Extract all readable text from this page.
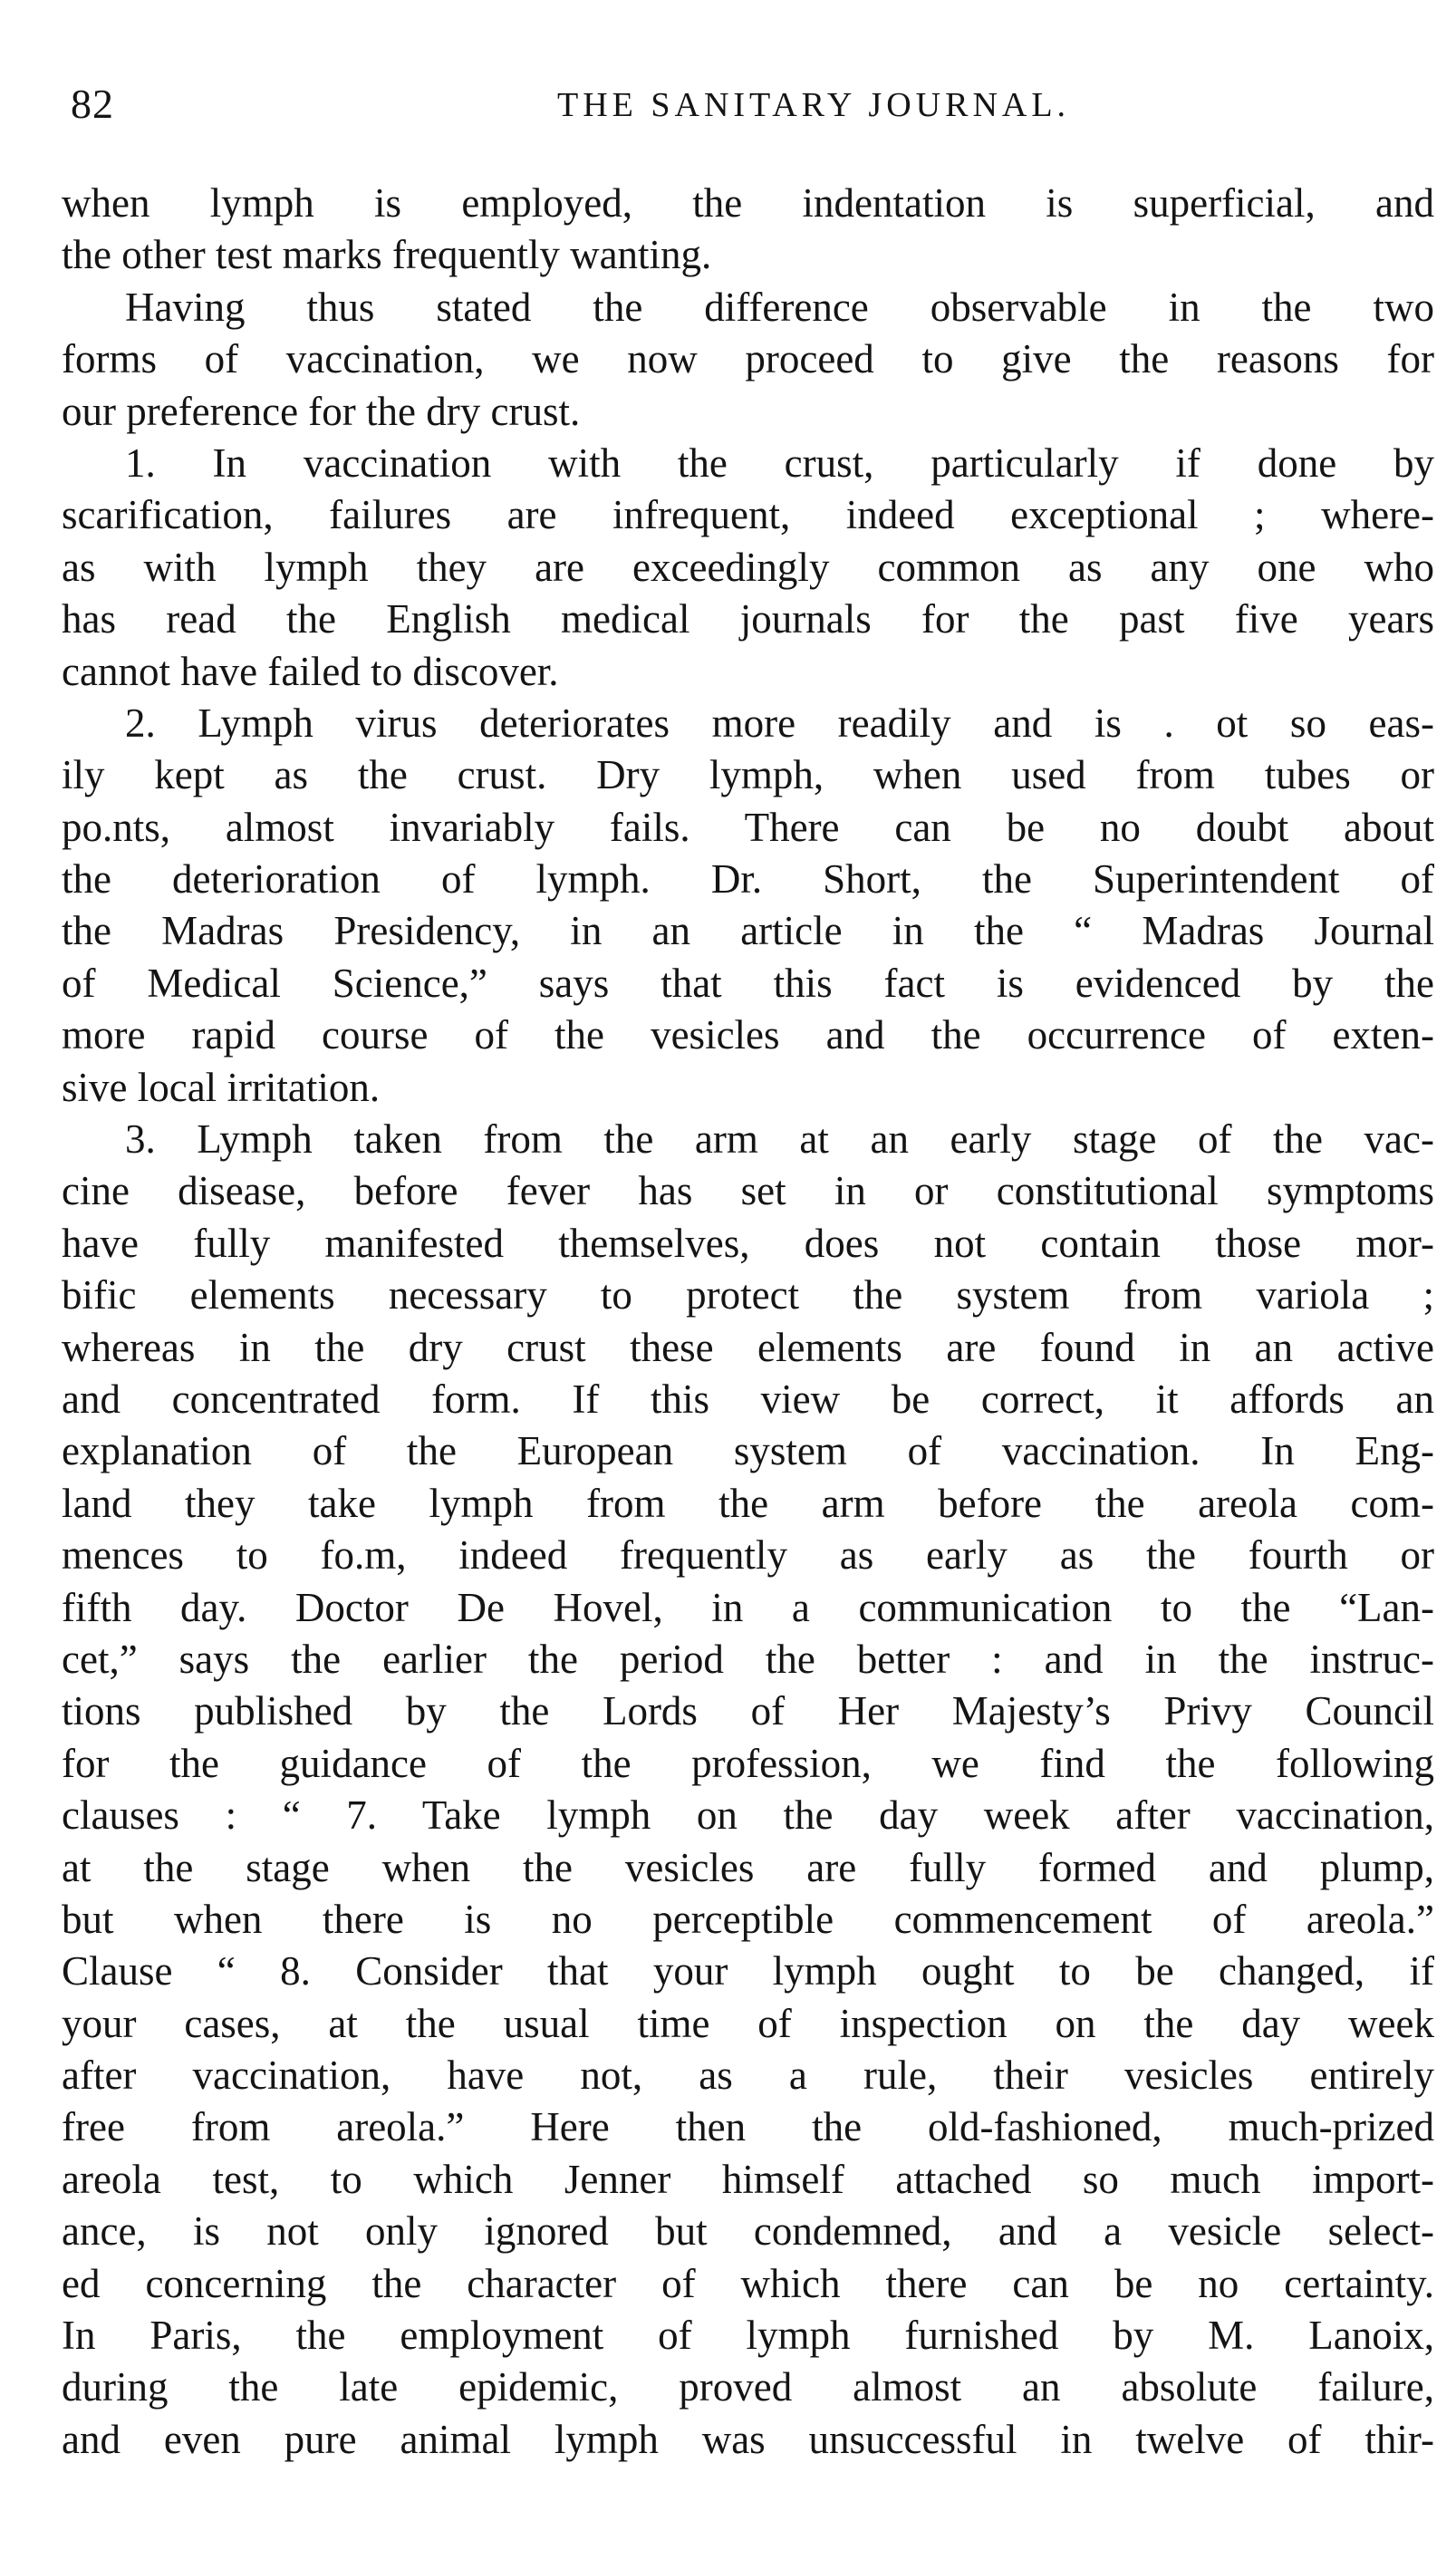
82	THE SANITARY JOURNAL.
when lymph is employed, the indentation is superficial, and
the other test marks frequently wanting.
Having thus stated the difference observable in the two
forms of vaccination, we now proceed to give the reasons for
our preference for the dry crust.
1. In vaccination with the crust, particularly if done by
scarification, failures are infrequent, indeed exceptional ; where-
as with lymph they are exceedingly common as any one who
has read the English medical journals for the past five years
cannot have failed to discover.
2. Lymph virus deteriorates more readily and is . ot so eas-
ily kept as the crust. Dry lymph, when used from tubes or
po.nts, almost invariably fails. There can be no doubt about
the deterioration of lymph. Dr. Short, the Superintendent of
the Madras Presidency, in an article in the “ Madras Journal
of Medical Science,” says that this fact is evidenced by the
more rapid course of the vesicles and the occurrence of exten-
sive local irritation.
3. Lymph taken from the arm at an early stage of the vac-
cine disease, before fever has set in or constitutional symptoms
have fully manifested themselves, does not contain those mor-
bific elements necessary to protect the system from variola ;
whereas in the dry crust these elements are found in an active
and concentrated form. If this view be correct, it affords an
explanation of the European system of vaccination. In Eng-
land they take lymph from the arm before the areola com-
mences to fo.m, indeed frequently as early as the fourth or
fifth day. Doctor De Hovel, in a communication to the “Lan-
cet,” says the earlier the period the better : and in the instruc-
tions published by the Lords of Her Majesty’s Privy Council
for the guidance of the profession, we find the following
clauses : “ 7. Take lymph on the day week after vaccination,
at the stage when the vesicles are fully formed and plump,
but when there is no perceptible commencement of areola.”
Clause “ 8. Consider that your lymph ought to be changed, if
your cases, at the usual time of inspection on the day week
after vaccination, have not, as a rule, their vesicles entirely
free from areola.” Here then the old-fashioned, much-prized
areola test, to which Jenner himself attached so much import-
ance, is not only ignored but condemned, and a vesicle select-
ed concerning the character of which there can be no certainty.
In Paris, the employment of lymph furnished by M. Lanoix,
during the late epidemic, proved almost an absolute failure,
and even pure animal lymph was unsuccessful in twelve of thir-
